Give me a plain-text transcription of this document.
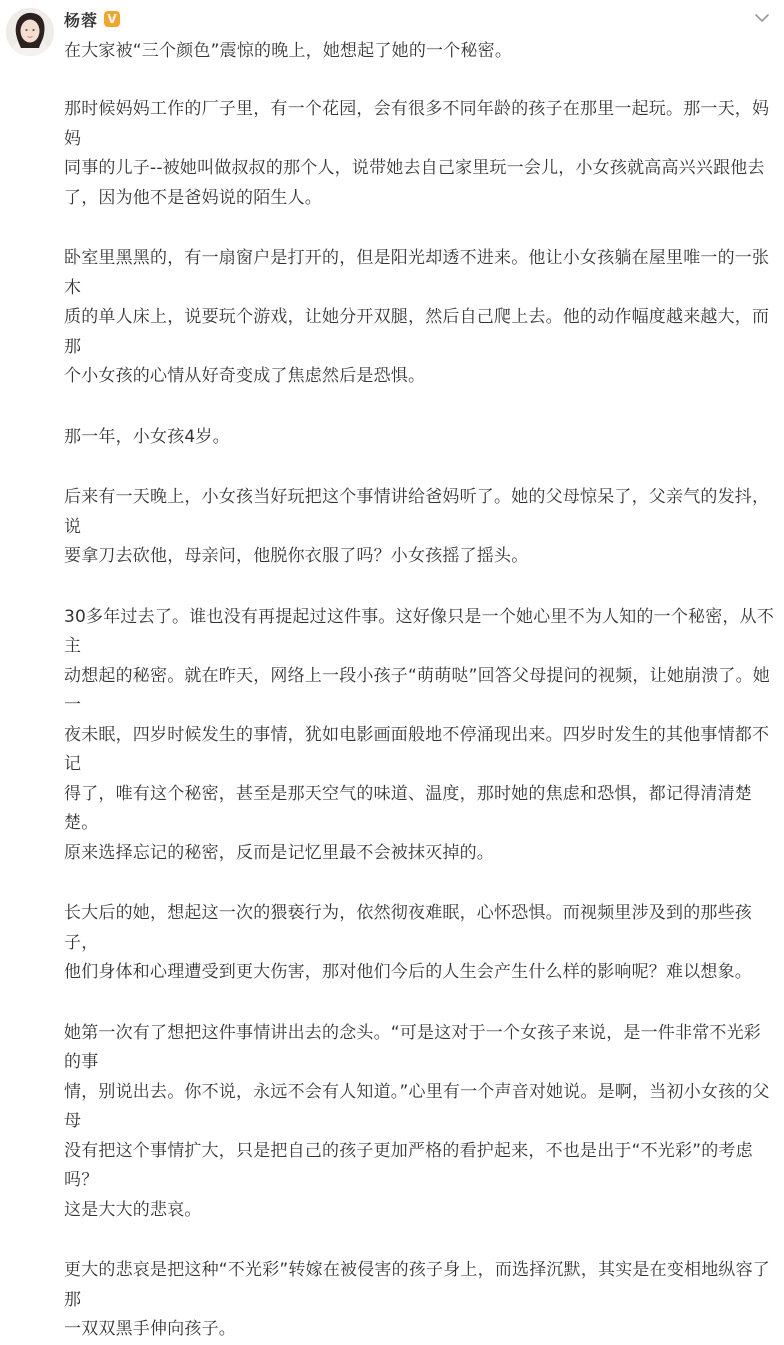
杨蓉 V

在大家被“三个颜色”震惊的晚上，她想起了她的一个秘密。

那时候妈妈工作的厂子里，有一个花园，会有很多不同年龄的孩子在那里一起玩。那一天，妈妈
同事的儿子--被她叫做叔叔的那个人，说带她去自己家里玩一会儿，小女孩就高高兴兴跟他去
了，因为他不是爸妈说的陌生人。

卧室里黑黑的，有一扇窗户是打开的，但是阳光却透不进来。他让小女孩躺在屋里唯一的一张木
质的单人床上，说要玩个游戏，让她分开双腿，然后自己爬上去。他的动作幅度越来越大，而那
个小女孩的心情从好奇变成了焦虑然后是恐惧。

那一年，小女孩4岁。

后来有一天晚上，小女孩当好玩把这个事情讲给爸妈听了。她的父母惊呆了，父亲气的发抖，说
要拿刀去砍他，母亲问，他脱你衣服了吗？小女孩摇了摇头。

30多年过去了。谁也没有再提起过这件事。这好像只是一个她心里不为人知的一个秘密，从不主
动想起的秘密。就在昨天，网络上一段小孩子“萌萌哒”回答父母提问的视频，让她崩溃了。她一
夜未眠，四岁时候发生的事情，犹如电影画面般地不停涌现出来。四岁时发生的其他事情都不记
得了，唯有这个秘密，甚至是那天空气的味道、温度，那时她的焦虑和恐惧，都记得清清楚楚。
原来选择忘记的秘密，反而是记忆里最不会被抹灭掉的。

长大后的她，想起这一次的猥亵行为，依然彻夜难眠，心怀恐惧。而视频里涉及到的那些孩子，
他们身体和心理遭受到更大伤害，那对他们今后的人生会产生什么样的影响呢？难以想象。

她第一次有了想把这件事情讲出去的念头。“可是这对于一个女孩子来说，是一件非常不光彩的事
情，别说出去。你不说，永远不会有人知道。”心里有一个声音对她说。是啊，当初小女孩的父母
没有把这个事情扩大，只是把自己的孩子更加严格的看护起来，不也是出于“不光彩”的考虑吗？
这是大大的悲哀。

更大的悲哀是把这种“不光彩”转嫁在被侵害的孩子身上，而选择沉默，其实是在变相地纵容了那
一双双黑手伸向孩子。
